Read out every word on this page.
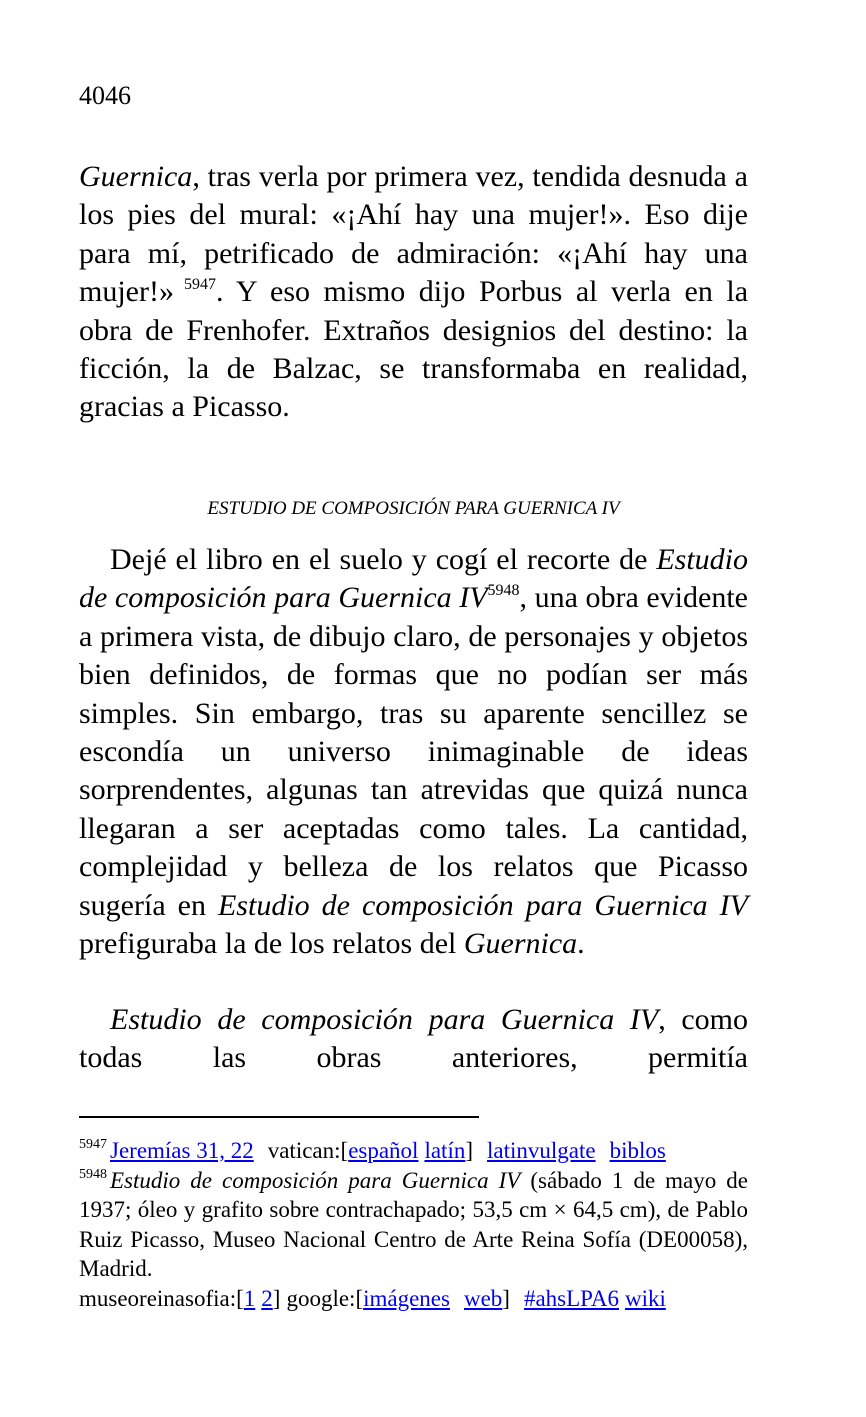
4046

Guernica, tras verla por primera vez, tendida desnuda a los pies del mural: «¡Ahí hay una mujer!». Eso dije para mí, petrificado de admiración: «¡Ahí hay una mujer!» $^{5947}$. Y eso mismo dijo Porbus al verla en la obra de Frenhofer. Extraños designios del destino: la ficción, la de Balzac, se transformaba en realidad, gracias a Picasso.

ESTUDIO DE COMPOSICIÓN PARA GUERNICA IV

Dejé el libro en el suelo y cogí el recorte de Estudio de composición para Guernica IV$^{5948}$, una obra evidente a primera vista, de dibujo claro, de personajes y objetos bien definidos, de formas que no podían ser más simples. Sin embargo, tras su aparente sencillez se escondía un universo inimaginable de ideas sorprendentes, algunas tan atrevidas que quizá nunca llegaran a ser aceptadas como tales. La cantidad, complejidad y belleza de los relatos que Picasso sugería en Estudio de composición para Guernica IV prefiguraba la de los relatos del Guernica.

Estudio de composición para Guernica IV, como todas las obras anteriores, permitía

$^{5947}$ Jeremías 31, 22 vatican:[español latín] latinvulgate biblos

$^{5948}$ Estudio de composición para Guernica IV (sábado 1 de mayo de 1937; óleo y grafito sobre contrachapado; 53,5 cm × 64,5 cm), de Pablo Ruiz Picasso, Museo Nacional Centro de Arte Reina Sofía (DE00058), Madrid.

museoreinasofia:[1 2] google:[imágenes web] #ahsLPA6 wiki
